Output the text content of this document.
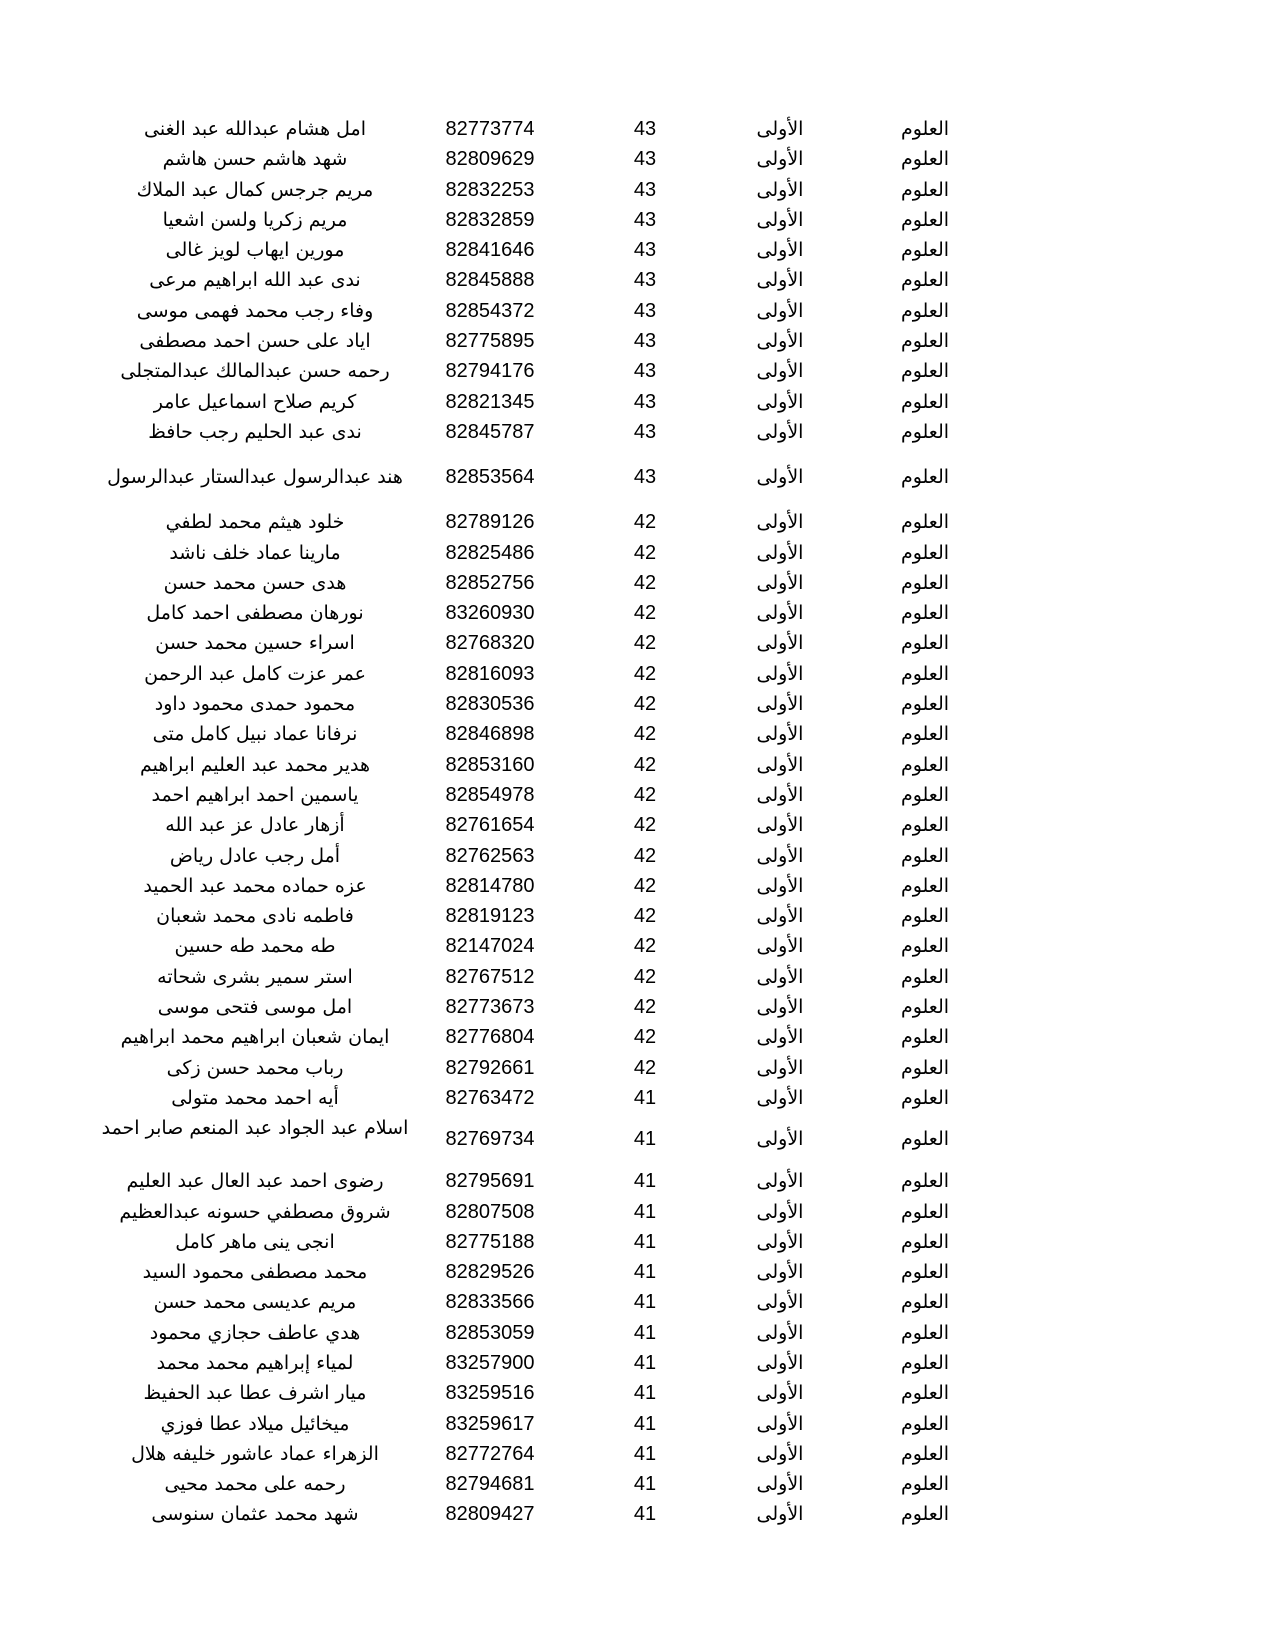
العلوم
الأولى
43
82773774
امل هشام عبدالله عبد الغنى
العلوم
الأولى
43
82809629
شهد هاشم حسن هاشم
العلوم
الأولى
43
82832253
مريم جرجس كمال عبد الملاك
العلوم
الأولى
43
82832859
مريم زكريا ولسن اشعيا
العلوم
الأولى
43
82841646
مورين ايهاب لويز غالى
العلوم
الأولى
43
82845888
ندى عبد الله ابراهيم مرعى
العلوم
الأولى
43
82854372
وفاء رجب محمد فهمى موسى
العلوم
الأولى
43
82775895
اياد على حسن احمد مصطفى
العلوم
الأولى
43
82794176
رحمه حسن عبدالمالك عبدالمتجلى
العلوم
الأولى
43
82821345
كريم صلاح اسماعيل عامر
العلوم
الأولى
43
82845787
ندى عبد الحليم رجب حافظ
العلوم
الأولى
43
82853564
هند عبدالرسول عبدالستار عبدالرسول
العلوم
الأولى
42
82789126
خلود هيثم محمد لطفي
العلوم
الأولى
42
82825486
مارينا عماد خلف ناشد
العلوم
الأولى
42
82852756
هدى حسن محمد حسن
العلوم
الأولى
42
83260930
نورهان مصطفى احمد كامل
العلوم
الأولى
42
82768320
اسراء حسين محمد حسن
العلوم
الأولى
42
82816093
عمر عزت كامل عبد الرحمن
العلوم
الأولى
42
82830536
محمود حمدى محمود داود
العلوم
الأولى
42
82846898
نرفانا عماد نبيل كامل متى
العلوم
الأولى
42
82853160
هدير محمد عبد العليم ابراهيم
العلوم
الأولى
42
82854978
ياسمين احمد ابراهيم احمد
العلوم
الأولى
42
82761654
أزهار عادل عز عبد الله
العلوم
الأولى
42
82762563
أمل رجب عادل رياض
العلوم
الأولى
42
82814780
عزه حماده محمد عبد الحميد
العلوم
الأولى
42
82819123
فاطمه نادى محمد شعبان
العلوم
الأولى
42
82147024
طه محمد طه حسين
العلوم
الأولى
42
82767512
استر سمير بشرى شحاته
العلوم
الأولى
42
82773673
امل موسى فتحى موسى
العلوم
الأولى
42
82776804
ايمان شعبان ابراهيم محمد ابراهيم
العلوم
الأولى
42
82792661
رباب محمد حسن زكى
العلوم
الأولى
41
82763472
أيه احمد محمد متولى
العلوم
الأولى
41
82769734
اسلام عبد الجواد عبد المنعم صابر احمد
العلوم
الأولى
41
82795691
رضوى احمد عبد العال عبد العليم
العلوم
الأولى
41
82807508
شروق مصطفي حسونه عبدالعظيم
العلوم
الأولى
41
82775188
انجى ينى ماهر كامل
العلوم
الأولى
41
82829526
محمد مصطفى محمود السيد
العلوم
الأولى
41
82833566
مريم عديسى محمد حسن
العلوم
الأولى
41
82853059
هدي عاطف حجازي محمود
العلوم
الأولى
41
83257900
لمياء إبراهيم محمد محمد
العلوم
الأولى
41
83259516
ميار اشرف عطا عبد الحفيظ
العلوم
الأولى
41
83259617
ميخائيل ميلاد عطا فوزي
العلوم
الأولى
41
82772764
الزهراء عماد عاشور خليفه هلال
العلوم
الأولى
41
82794681
رحمه على محمد محيى
العلوم
الأولى
41
82809427
شهد محمد عثمان سنوسى
